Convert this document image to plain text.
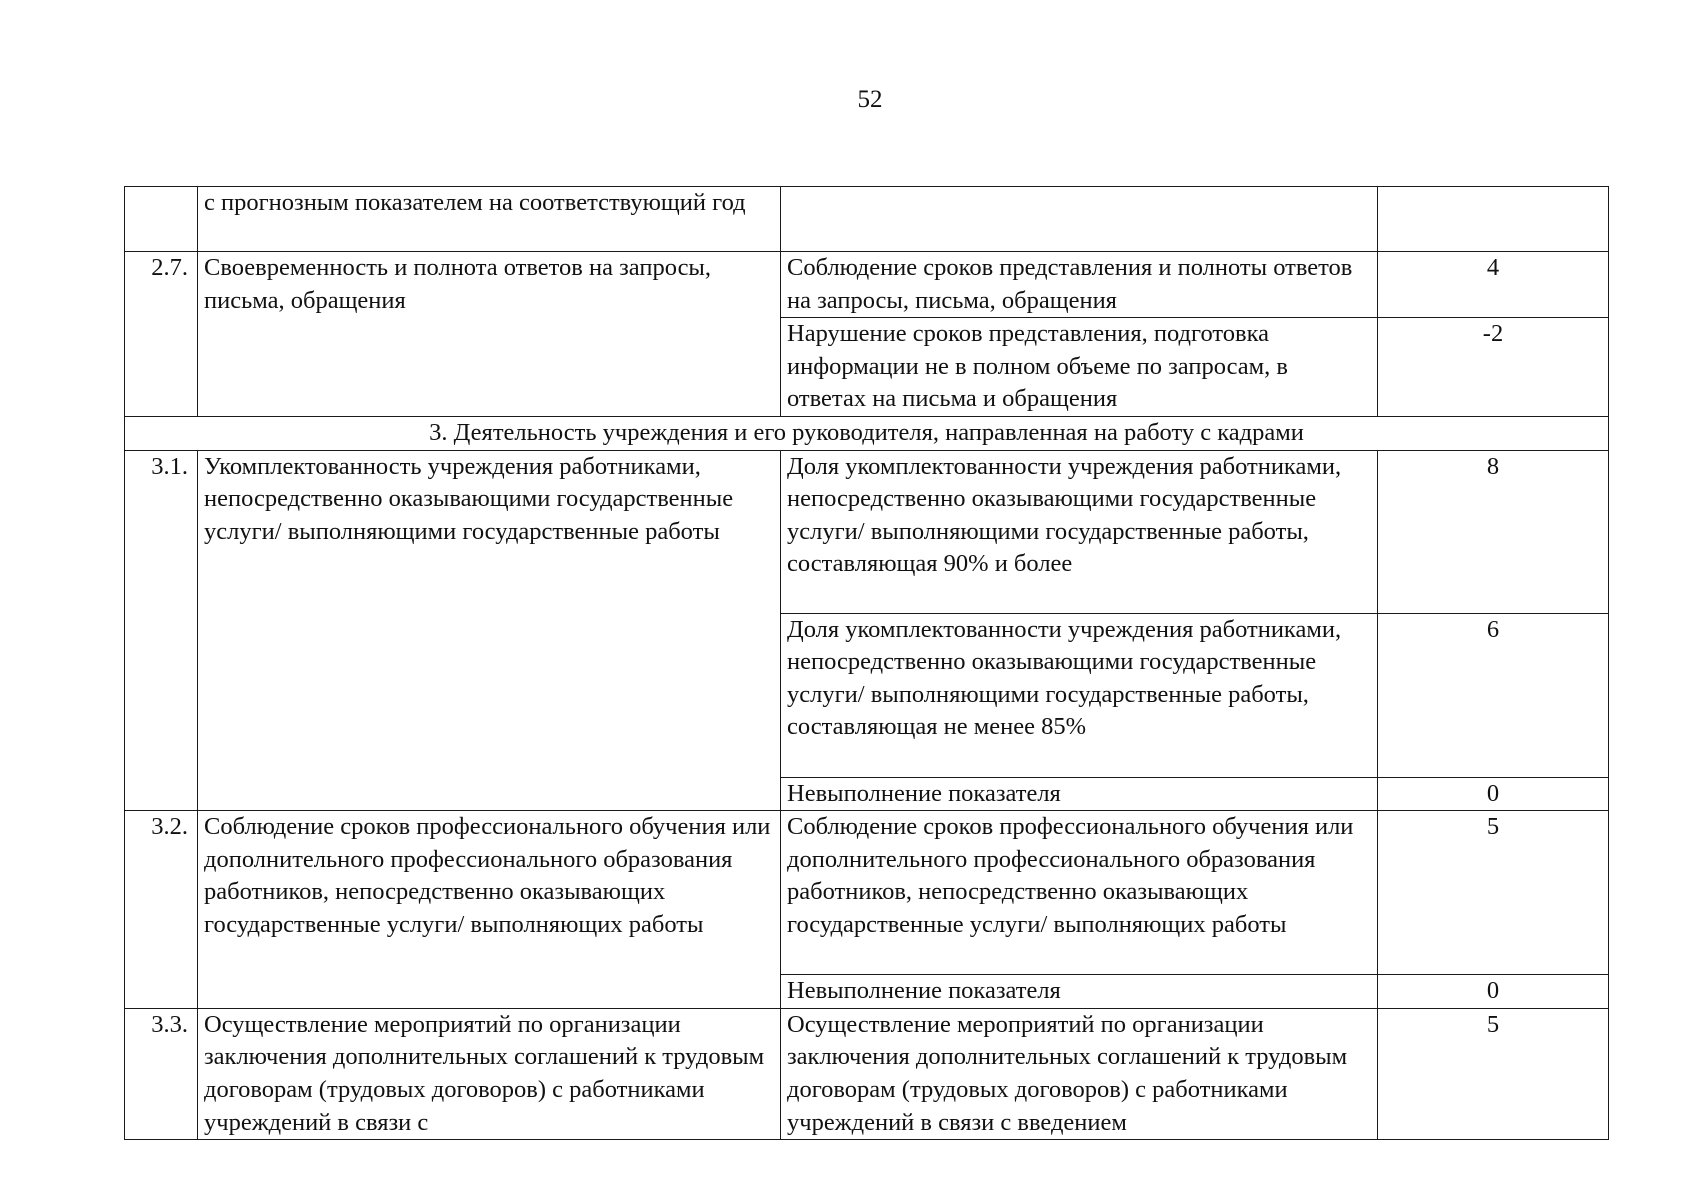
52
	с прогнозным показателем на соответствующий год		
2.7.	Своевременность и полнота ответов на запросы, письма, обращения	Соблюдение сроков представления и полноты ответов на запросы, письма, обращения	4
		Нарушение сроков представления, подготовка информации не в полном объеме по запросам, в ответах на письма и обращения	-2
3. Деятельность учреждения и его руководителя, направленная на работу с кадрами			
3.1.	Укомплектованность учреждения работниками, непосредственно оказывающими государственные услуги/ выполняющими государственные работы	Доля укомплектованности учреждения работниками, непосредственно оказывающими государственные услуги/ выполняющими государственные работы, составляющая 90% и более	8
		Доля укомплектованности учреждения работниками, непосредственно оказывающими государственные услуги/ выполняющими государственные работы, составляющая не менее 85%	6
		Невыполнение показателя	0
3.2.	Соблюдение сроков профессионального обучения или дополнительного профессионального образования работников, непосредственно оказывающих государственные услуги/ выполняющих работы	Соблюдение сроков профессионального обучения или дополнительного профессионального образования работников, непосредственно оказывающих государственные услуги/ выполняющих работы	5
		Невыполнение показателя	0
3.3.	Осуществление мероприятий по организации заключения дополнительных соглашений к трудовым договорам (трудовых договоров) с работниками учреждений в связи с	Осуществление мероприятий по организации заключения дополнительных соглашений к трудовым договорам (трудовых договоров) с работниками учреждений в связи с введением	5
